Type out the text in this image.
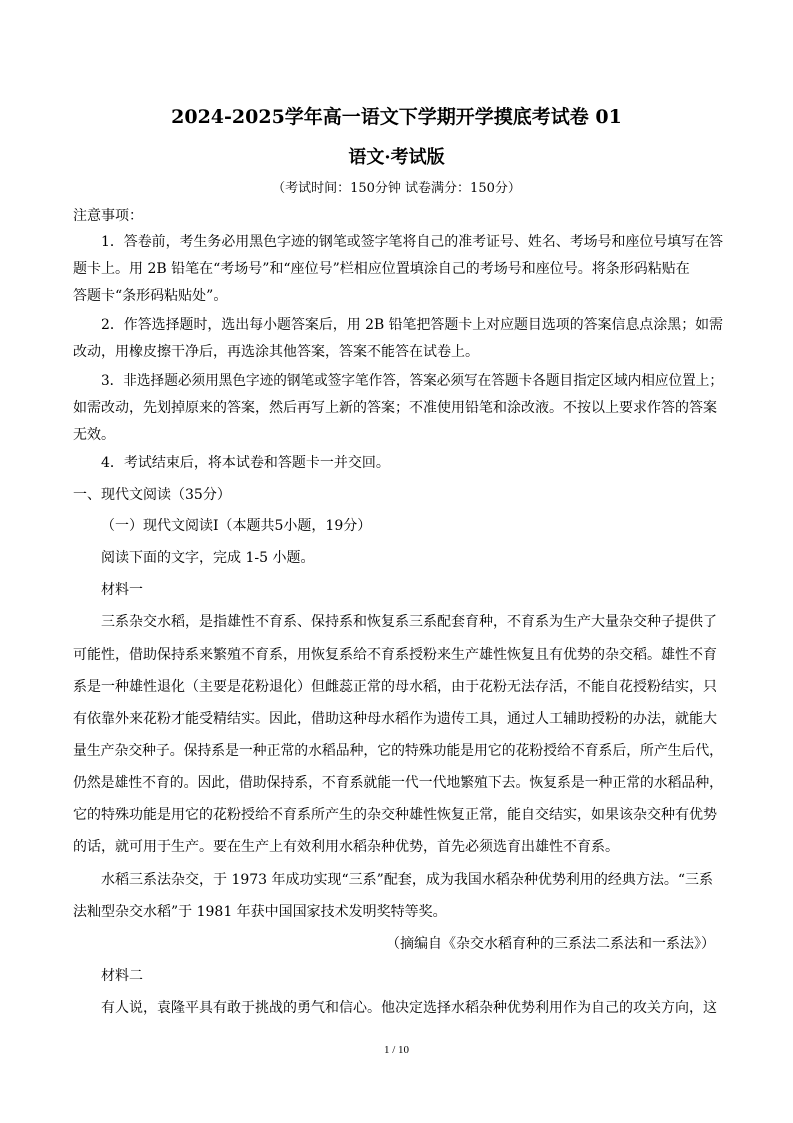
2024-2025学年高一语文下学期开学摸底考试卷 01
语文·考试版
（考试时间：150分钟 试卷满分：150分）
注意事项：
1．答卷前，考生务必用黑色字迹的钢笔或签字笔将自己的准考证号、姓名、考场号和座位号填写在答
题卡上。用 2B 铅笔在“考场号”和“座位号”栏相应位置填涂自己的考场号和座位号。将条形码粘贴在
答题卡“条形码粘贴处”。
2．作答选择题时，选出每小题答案后，用 2B 铅笔把答题卡上对应题目选项的答案信息点涂黑；如需
改动，用橡皮擦干净后，再选涂其他答案，答案不能答在试卷上。
3．非选择题必须用黑色字迹的钢笔或签字笔作答，答案必须写在答题卡各题目指定区域内相应位置上；
如需改动，先划掉原来的答案，然后再写上新的答案；不准使用铅笔和涂改液。不按以上要求作答的答案
无效。
4．考试结束后，将本试卷和答题卡一并交回。
一、现代文阅读（35分）
（一）现代文阅读Ⅰ（本题共5小题，19分）
阅读下面的文字，完成 1-5 小题。
材料一
三系杂交水稻，是指雄性不育系、保持系和恢复系三系配套育种，不育系为生产大量杂交种子提供了
可能性，借助保持系来繁殖不育系，用恢复系给不育系授粉来生产雄性恢复且有优势的杂交稻。雄性不育
系是一种雄性退化（主要是花粉退化）但雌蕊正常的母水稻，由于花粉无法存活，不能自花授粉结实，只
有依靠外来花粉才能受精结实。因此，借助这种母水稻作为遗传工具，通过人工辅助授粉的办法，就能大
量生产杂交种子。保持系是一种正常的水稻品种，它的特殊功能是用它的花粉授给不育系后，所产生后代，
仍然是雄性不育的。因此，借助保持系，不育系就能一代一代地繁殖下去。恢复系是一种正常的水稻品种，
它的特殊功能是用它的花粉授给不育系所产生的杂交种雄性恢复正常，能自交结实，如果该杂交种有优势
的话，就可用于生产。要在生产上有效利用水稻杂种优势，首先必须选育出雄性不育系。
水稻三系法杂交，于 1973 年成功实现“三系”配套，成为我国水稻杂种优势利用的经典方法。“三系
法籼型杂交水稻”于 1981 年获中国国家技术发明奖特等奖。
（摘编自《杂交水稻育种的三系法二系法和一系法》）
材料二
有人说，袁隆平具有敢于挑战的勇气和信心。他决定选择水稻杂种优势利用作为自己的攻关方向，这
1 / 10
